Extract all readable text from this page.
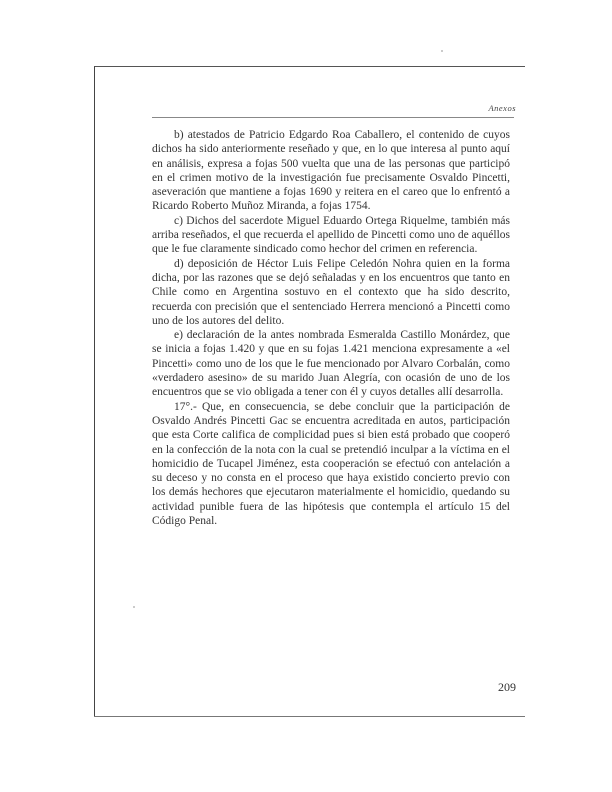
Anexos

b) atestados de Patricio Edgardo Roa Caballero, el contenido de cuyos dichos ha sido anteriormente reseñado y que, en lo que interesa al punto aquí en análisis, expresa a fojas 500 vuelta que una de las personas que participó en el crimen motivo de la investigación fue precisamente Osvaldo Pincetti, aseveración que mantiene a fojas 1690 y reitera en el careo que lo enfrentó a Ricardo Roberto Muñoz Miranda, a fojas 1754.

c) Dichos del sacerdote Miguel Eduardo Ortega Riquelme, también más arriba reseñados, el que recuerda el apellido de Pincetti como uno de aquéllos que le fue claramente sindicado como hechor del crimen en referencia.

d) deposición de Héctor Luis Felipe Celedón Nohra quien en la forma dicha, por las razones que se dejó señaladas y en los encuentros que tanto en Chile como en Argentina sostuvo en el contexto que ha sido descrito, recuerda con precisión que el sentenciado Herrera mencionó a Pincetti como uno de los autores del delito.

e) declaración de la antes nombrada Esmeralda Castillo Monárdez, que se inicia a fojas 1.420 y que en su fojas 1.421 menciona expresamente a «el Pincetti» como uno de los que le fue mencionado por Alvaro Corbalán, como «verdadero asesino» de su marido Juan Alegría, con ocasión de uno de los encuentros que se vio obligada a tener con él y cuyos detalles allí desarrolla.

17°.- Que, en consecuencia, se debe concluir que la participación de Osvaldo Andrés Pincetti Gac se encuentra acreditada en autos, participación que esta Corte califica de complicidad pues si bien está probado que cooperó en la confección de la nota con la cual se pretendió inculpar a la víctima en el homicidio de Tucapel Jiménez, esta cooperación se efectuó con antelación a su deceso y no consta en el proceso que haya existido concierto previo con los demás hechores que ejecutaron materialmente el homicidio, quedando su actividad punible fuera de las hipótesis que contempla el artículo 15 del Código Penal.

209
